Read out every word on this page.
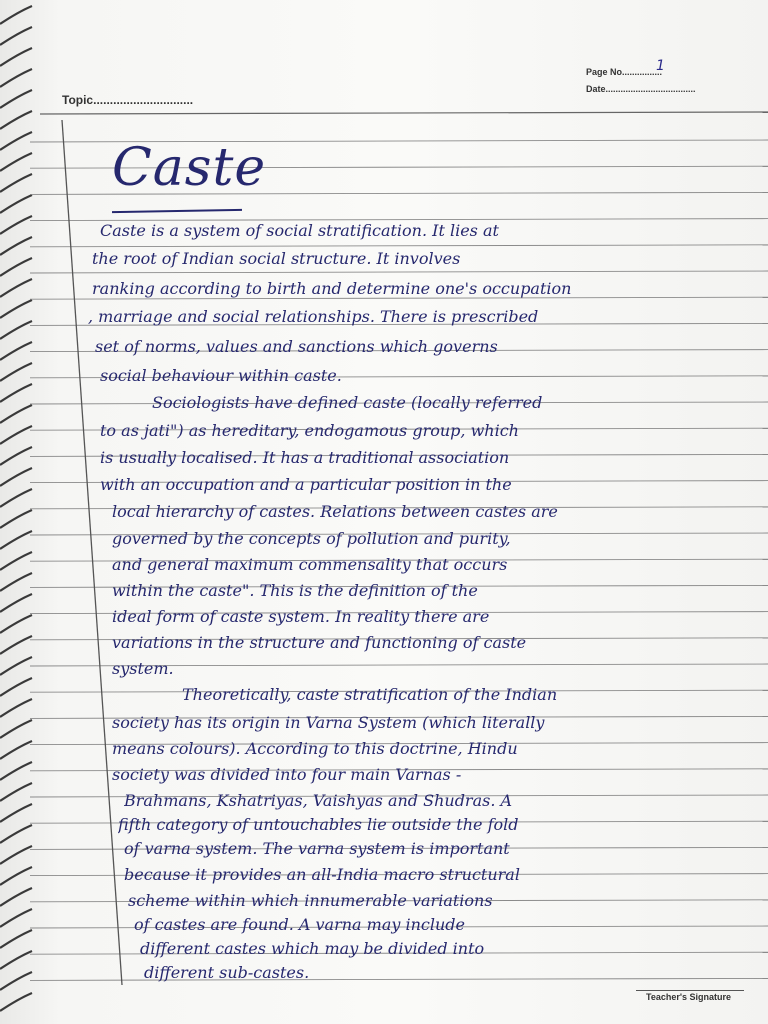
Topic..............................
Page No................
1
Date....................................
Caste
Caste is a system of social stratification. It lies at
the root of Indian social structure. It involves
ranking according to birth and determine one's occupation
, marriage and social relationships. There is prescribed
set of norms, values and sanctions which governs
social behaviour within caste.
Sociologists have defined caste (locally referred
to as jati") as hereditary, endogamous group, which
is usually localised. It has a traditional association
with an occupation and a particular position in the
local hierarchy of castes. Relations between castes are
governed by the concepts of pollution and purity,
and general maximum commensality that occurs
within the caste". This is the definition of the
ideal form of caste system. In reality there are
variations in the structure and functioning of caste
system.
Theoretically, caste stratification of the Indian
society has its origin in Varna System (which literally
means colours). According to this doctrine, Hindu
society was divided into four main Varnas -
Brahmans, Kshatriyas, Vaishyas and Shudras. A
fifth category of untouchables lie outside the fold
of varna system. The varna system is important
because it provides an all-India macro structural
scheme within which innumerable variations
of castes are found. A varna may include
different castes which may be divided into
different sub-castes.
Teacher's Signature
